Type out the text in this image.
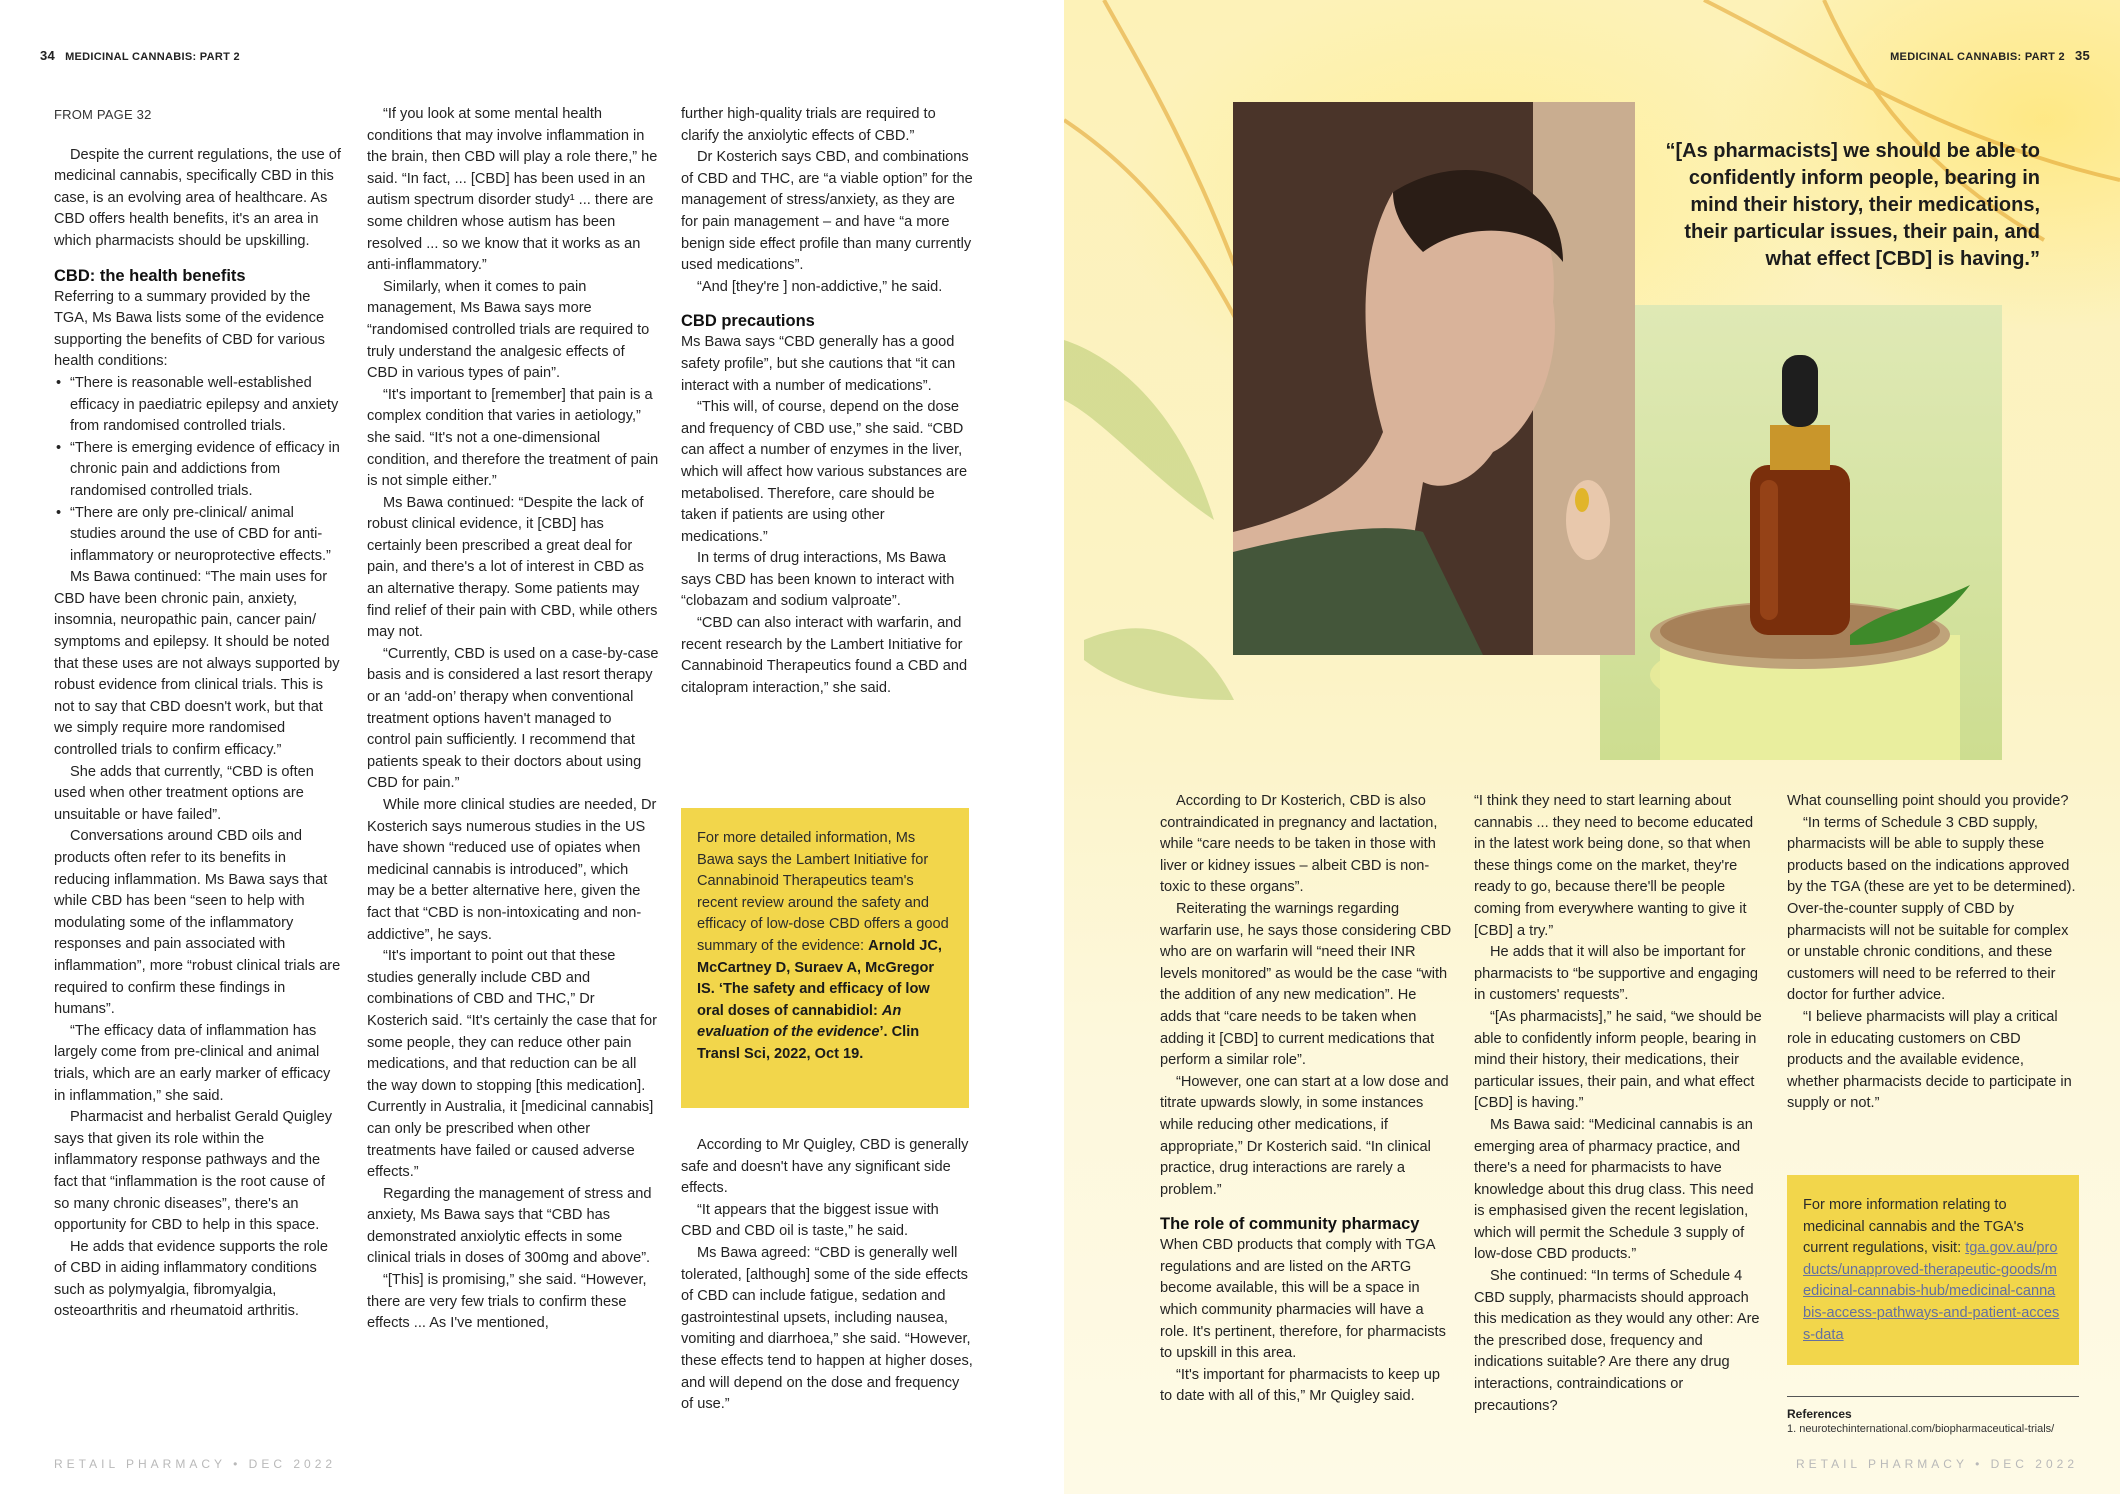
34 MEDICINAL CANNABIS: PART 2
FROM PAGE 32

Despite the current regulations, the use of medicinal cannabis, specifically CBD in this case, is an evolving area of healthcare. As CBD offers health benefits, it's an area in which pharmacists should be upskilling.

CBD: the health benefits

Referring to a summary provided by the TGA, Ms Bawa lists some of the evidence supporting the benefits of CBD for various health conditions:

• “There is reasonable well-established efficacy in paediatric epilepsy and anxiety from randomised controlled trials.
• “There is emerging evidence of efficacy in chronic pain and addictions from randomised controlled trials.
• “There are only pre-clinical/ animal studies around the use of CBD for anti-inflammatory or neuroprotective effects.”

Ms Bawa continued: “The main uses for CBD have been chronic pain, anxiety, insomnia, neuropathic pain, cancer pain/ symptoms and epilepsy. It should be noted that these uses are not always supported by robust evidence from clinical trials. This is not to say that CBD doesn't work, but that we simply require more randomised controlled trials to confirm efficacy.”

She adds that currently, “CBD is often used when other treatment options are unsuitable or have failed”.

Conversations around CBD oils and products often refer to its benefits in reducing inflammation. Ms Bawa says that while CBD has been “seen to help with modulating some of the inflammatory responses and pain associated with inflammation”, more “robust clinical trials are required to confirm these findings in humans”.

“The efficacy data of inflammation has largely come from pre-clinical and animal trials, which are an early marker of efficacy in inflammation,” she said.

Pharmacist and herbalist Gerald Quigley says that given its role within the inflammatory response pathways and the fact that “inflammation is the root cause of so many chronic diseases”, there's an opportunity for CBD to help in this space.

He adds that evidence supports the role of CBD in aiding inflammatory conditions such as polymyalgia, fibromyalgia, osteoarthritis and rheumatoid arthritis.

“If you look at some mental health conditions that may involve inflammation in the brain, then CBD will play a role there,” he said. “In fact, ... [CBD] has been used in an autism spectrum disorder study¹ ... there are some children whose autism has been resolved ... so we know that it works as an anti-inflammatory.”

Similarly, when it comes to pain management, Ms Bawa says more “randomised controlled trials are required to truly understand the analgesic effects of CBD in various types of pain”.

“It's important to [remember] that pain is a complex condition that varies in aetiology,” she said. “It's not a one-dimensional condition, and therefore the treatment of pain is not simple either.”

Ms Bawa continued: “Despite the lack of robust clinical evidence, it [CBD] has certainly been prescribed a great deal for pain, and there's a lot of interest in CBD as an alternative therapy. Some patients may find relief of their pain with CBD, while others may not.

“Currently, CBD is used on a case-by-case basis and is considered a last resort therapy or an ‘add-on’ therapy when conventional treatment options haven't managed to control pain sufficiently. I recommend that patients speak to their doctors about using CBD for pain.”

While more clinical studies are needed, Dr Kosterich says numerous studies in the US have shown “reduced use of opiates when medicinal cannabis is introduced”, which may be a better alternative here, given the fact that “CBD is non-intoxicating and non-addictive”, he says.

“It's important to point out that these studies generally include CBD and combinations of CBD and THC,” Dr Kosterich said. “It's certainly the case that for some people, they can reduce other pain medications, and that reduction can be all the way down to stopping [this medication]. Currently in Australia, it [medicinal cannabis] can only be prescribed when other treatments have failed or caused adverse effects.”

Regarding the management of stress and anxiety, Ms Bawa says that “CBD has demonstrated anxiolytic effects in some clinical trials in doses of 300mg and above”.

“[This] is promising,” she said. “However, there are very few trials to confirm these effects ... As I've mentioned,

further high-quality trials are required to clarify the anxiolytic effects of CBD.”

Dr Kosterich says CBD, and combinations of CBD and THC, are “a viable option” for the management of stress/anxiety, as they are for pain management – and have “a more benign side effect profile than many currently used medications”.

“And [they're ] non-addictive,” he said.

CBD precautions

Ms Bawa says “CBD generally has a good safety profile”, but she cautions that “it can interact with a number of medications”.

“This will, of course, depend on the dose and frequency of CBD use,” she said. “CBD can affect a number of enzymes in the liver, which will affect how various substances are metabolised. Therefore, care should be taken if patients are using other medications.”

In terms of drug interactions, Ms Bawa says CBD has been known to interact with “clobazam and sodium valproate”.

“CBD can also interact with warfarin, and recent research by the Lambert Initiative for Cannabinoid Therapeutics found a CBD and citalopram interaction,” she said.

For more detailed information, Ms Bawa says the Lambert Initiative for Cannabinoid Therapeutics team's recent review around the safety and efficacy of low-dose CBD offers a good summary of the evidence: Arnold JC, McCartney D, Suraev A, McGregor IS. ‘The safety and efficacy of low oral doses of cannabidiol: An evaluation of the evidence’. Clin Transl Sci, 2022, Oct 19.

According to Mr Quigley, CBD is generally safe and doesn't have any significant side effects.

“It appears that the biggest issue with CBD and CBD oil is taste,” he said.

Ms Bawa agreed: “CBD is generally well tolerated, [although] some of the side effects of CBD can include fatigue, sedation and gastrointestinal upsets, including nausea, vomiting and diarrhoea,” she said. “However, these effects tend to happen at higher doses, and will depend on the dose and frequency of use.”

RETAIL PHARMACY • DEC 2022
MEDICINAL CANNABIS: PART 2 35
“[As pharmacists] we should be able to confidently inform people, bearing in mind their history, their medications, their particular issues, their pain, and what effect [CBD] is having.”

According to Dr Kosterich, CBD is also contraindicated in pregnancy and lactation, while “care needs to be taken in those with liver or kidney issues – albeit CBD is non-toxic to these organs”.

Reiterating the warnings regarding warfarin use, he says those considering CBD who are on warfarin will “need their INR levels monitored” as would be the case “with the addition of any new medication”. He adds that “care needs to be taken when adding it [CBD] to current medications that perform a similar role”.

“However, one can start at a low dose and titrate upwards slowly, in some instances while reducing other medications, if appropriate,” Dr Kosterich said. “In clinical practice, drug interactions are rarely a problem.”

The role of community pharmacy

When CBD products that comply with TGA regulations and are listed on the ARTG become available, this will be a space in which community pharmacies will have a role. It's pertinent, therefore, for pharmacists to upskill in this area.

“It's important for pharmacists to keep up to date with all of this,” Mr Quigley said.

“I think they need to start learning about cannabis ... they need to become educated in the latest work being done, so that when these things come on the market, they're ready to go, because there'll be people coming from everywhere wanting to give it [CBD] a try.”

He adds that it will also be important for pharmacists to “be supportive and engaging in customers' requests”.

“[As pharmacists],” he said, “we should be able to confidently inform people, bearing in mind their history, their medications, their particular issues, their pain, and what effect [CBD] is having.”

Ms Bawa said: “Medicinal cannabis is an emerging area of pharmacy practice, and there's a need for pharmacists to have knowledge about this drug class. This need is emphasised given the recent legislation, which will permit the Schedule 3 supply of low-dose CBD products.”

She continued: “In terms of Schedule 4 CBD supply, pharmacists should approach this medication as they would any other: Are the prescribed dose, frequency and indications suitable? Are there any drug interactions, contraindications or precautions?

What counselling point should you provide?

“In terms of Schedule 3 CBD supply, pharmacists will be able to supply these products based on the indications approved by the TGA (these are yet to be determined). Over-the-counter supply of CBD by pharmacists will not be suitable for complex or unstable chronic conditions, and these customers will need to be referred to their doctor for further advice.

“I believe pharmacists will play a critical role in educating customers on CBD products and the available evidence, whether pharmacists decide to participate in supply or not.”

For more information relating to medicinal cannabis and the TGA's current regulations, visit: tga.gov.au/products/unapproved-therapeutic-goods/medicinal-cannabis-hub/medicinal-cannabis-access-pathways-and-patient-access-data
References
1. neurotechinternational.com/biopharmaceutical-trials/
RETAIL PHARMACY • DEC 2022
